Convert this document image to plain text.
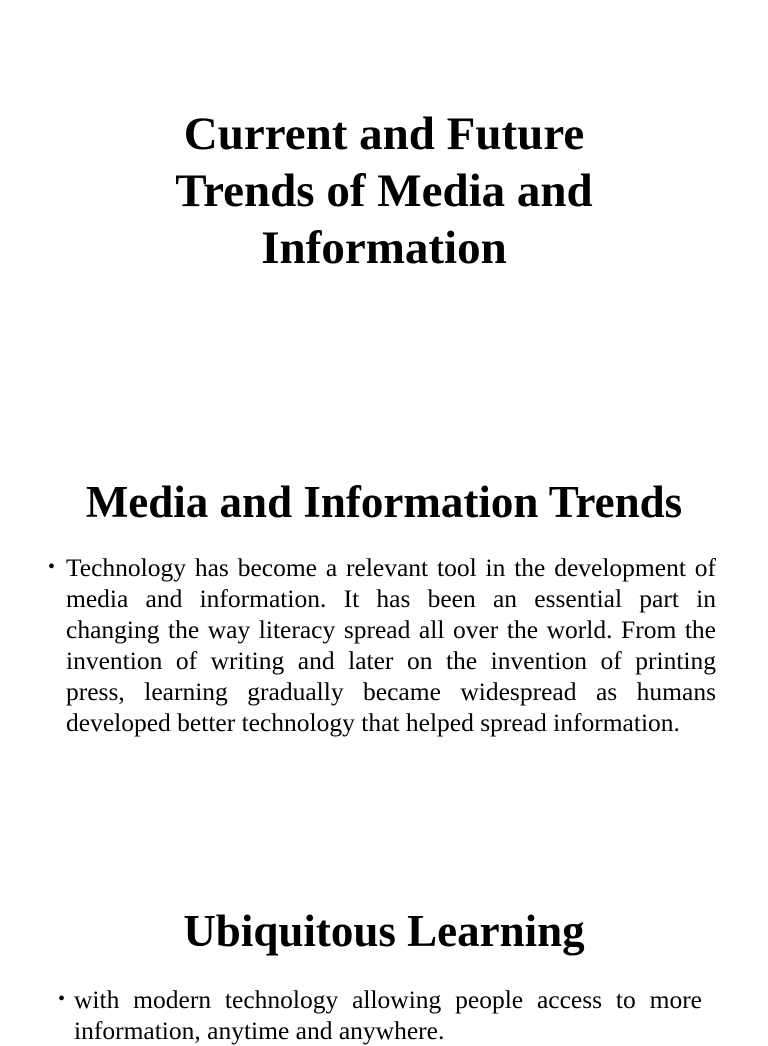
Current and Future
Trends of Media and
Information
Media and Information Trends
• Technology has become a relevant tool in the development of media and information. It has been an essential part in changing the way literacy spread all over the world. From the invention of writing and later on the invention of printing press, learning gradually became widespread as humans developed better technology that helped spread information.
Ubiquitous Learning
• with modern technology allowing people access to more information, anytime and anywhere.
